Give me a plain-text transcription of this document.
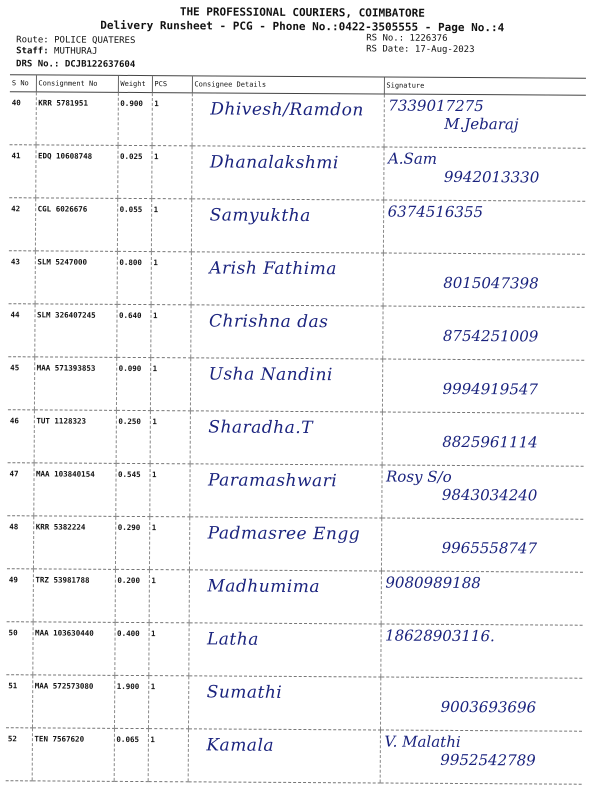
THE PROFESSIONAL COURIERS, COIMBATORE
Delivery Runsheet - PCG - Phone No.:0422-3505555 - Page No.:4
Route: POLICE QUATERES
Staff: MUTHURAJ
DRS No.: DCJB122637604
RS No.: 1226376
RS Date: 17-Aug-2023
S No	Consignment No	Weight	PCS	Consignee Details	Signature
40	KRR 5781951	0.900	1	Dhivesh/Ramdon	7339017275
M.Jebaraj

41	EDQ 10608748	0.025	1	Dhanalakshmi	A.Sam
9942013330

42	CGL 6026676	0.055	1	Samyuktha	6374516355

43	SLM 5247000	0.800	1	Arish Fathima	8015047398

44	SLM 326407245	0.640	1	Chrishna das	8754251009

45	MAA 571393853	0.090	1	Usha Nandini	9994919547

46	TUT 1128323	0.250	1	Sharadha.T	8825961114

47	MAA 103840154	0.545	1	Paramashwari	Rosy S/o
9843034240

48	KRR 5382224	0.290	1	Padmasree Engg	9965558747

49	TRZ 53981788	0.200	1	Madhumima	9080989188

50	MAA 103630440	0.400	1	Latha	18628903116.

51	MAA 572573080	1.900	1	Sumathi	9003693696

52	TEN 7567620	0.065	1	Kamala	V. Malathi
9952542789
